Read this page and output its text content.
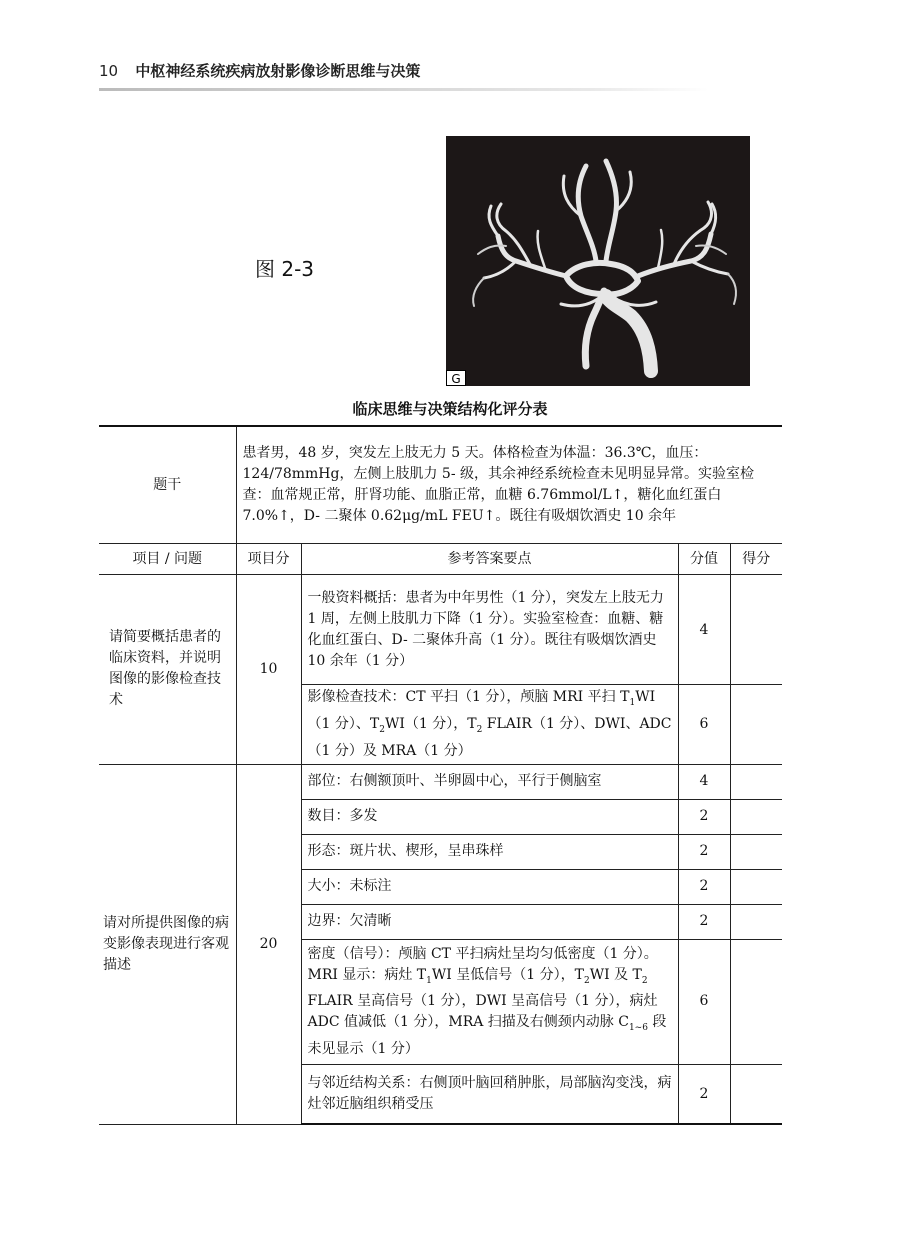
10 中枢神经系统疾病放射影像诊断思维与决策
图 2-3
G
临床思维与决策结构化评分表
题干	患者男，48 岁，突发左上肢无力 5 天。体格检查为体温：36.3℃，血压：124/78mmHg，左侧上肢肌力 5- 级，其余神经系统检查未见明显异常。实验室检查：血常规正常，肝肾功能、血脂正常，血糖 6.76mmol/L↑，糖化血红蛋白 7.0%↑，D- 二聚体 0.62μg/mL FEU↑。既往有吸烟饮酒史 10 余年			
项目 / 问题	项目分	参考答案要点	分值	得分
请简要概括患者的临床资料，并说明图像的影像检查技术	10	一般资料概括：患者为中年男性（1 分），突发左上肢无力 1 周，左侧上肢肌力下降（1 分）。实验室检查：血糖、糖化血红蛋白、D- 二聚体升高（1 分）。既往有吸烟饮酒史 10 余年（1 分）	4	
		影像检查技术：CT 平扫（1 分），颅脑 MRI 平扫 $T_1WI(1$ 分）、$T_2WI(1$ 分），$T_2$ FLAIR（1 分）、DWI、ADC（1 分）及 MRA（1 分）	6	
请对所提供图像的病变影像表现进行客观描述	20	部位：右侧额顶叶、半卵圆中心，平行于侧脑室	4	
		数目：多发	2	
		形态：斑片状、楔形，呈串珠样	2	
		大小：未标注	2	
		边界：欠清晰	2	
		密度（信号）：颅脑 CT 平扫病灶呈均匀低密度（1 分）。MRI 显示：病灶 $T_1WI$ 呈低信号（1 分），$T_2WI$ 及 $T_2$ FLAIR 呈高信号（1 分），DWI 呈高信号（1 分），病灶 ADC 值减低（1 分），MRA 扫描及右侧颈内动脉 $C_{1\sim 6}$ 段未见显示（1 分）	6	
		与邻近结构关系：右侧顶叶脑回稍肿胀，局部脑沟变浅，病灶邻近脑组织稍受压	2	
